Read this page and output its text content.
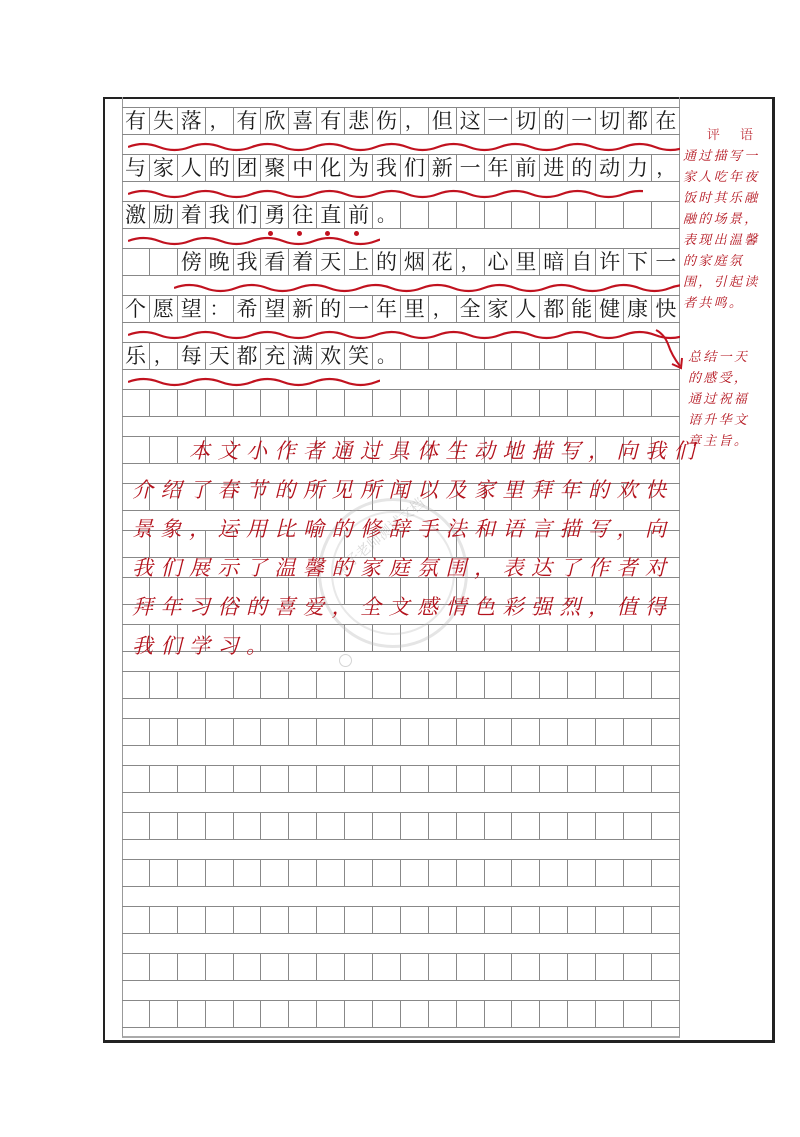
有 失 落 ， 有 欣 喜 有 悲 伤 ， 但 这 一 切 的 一 切 都 在
与 家 人 的 团 聚 中 化 为 我 们 新 一 年 前 进 的 动 力 ，
激 励 着 我 们 勇 往 直 前 。
傍 晚 我 看 着 天 上 的 烟 花 ， 心 里 暗 自 许 下 一
个 愿 望 ： 希 望 新 的 一 年 里 ， 全 家 人 都 能 健 康 快
乐 ， 每 天 都 充 满 欢 笑 。
栗子老师测试文档
　　本文小作者通过具体生动地描写，向我们
介绍了春节的所见所闻以及家里拜年的欢快
景象，运用比喻的修辞手法和语言描写，向
我们展示了温馨的家庭氛围，表达了作者对
拜年习俗的喜爱，全文感情色彩强烈，值得
我们学习。
评 语
通过描写一
家人吃年夜
饭时其乐融
融的场景，
表现出温馨
的家庭氛
围，引起读
者共鸣。
总结一天
的感受，
通过祝福
语升华文
章主旨。
